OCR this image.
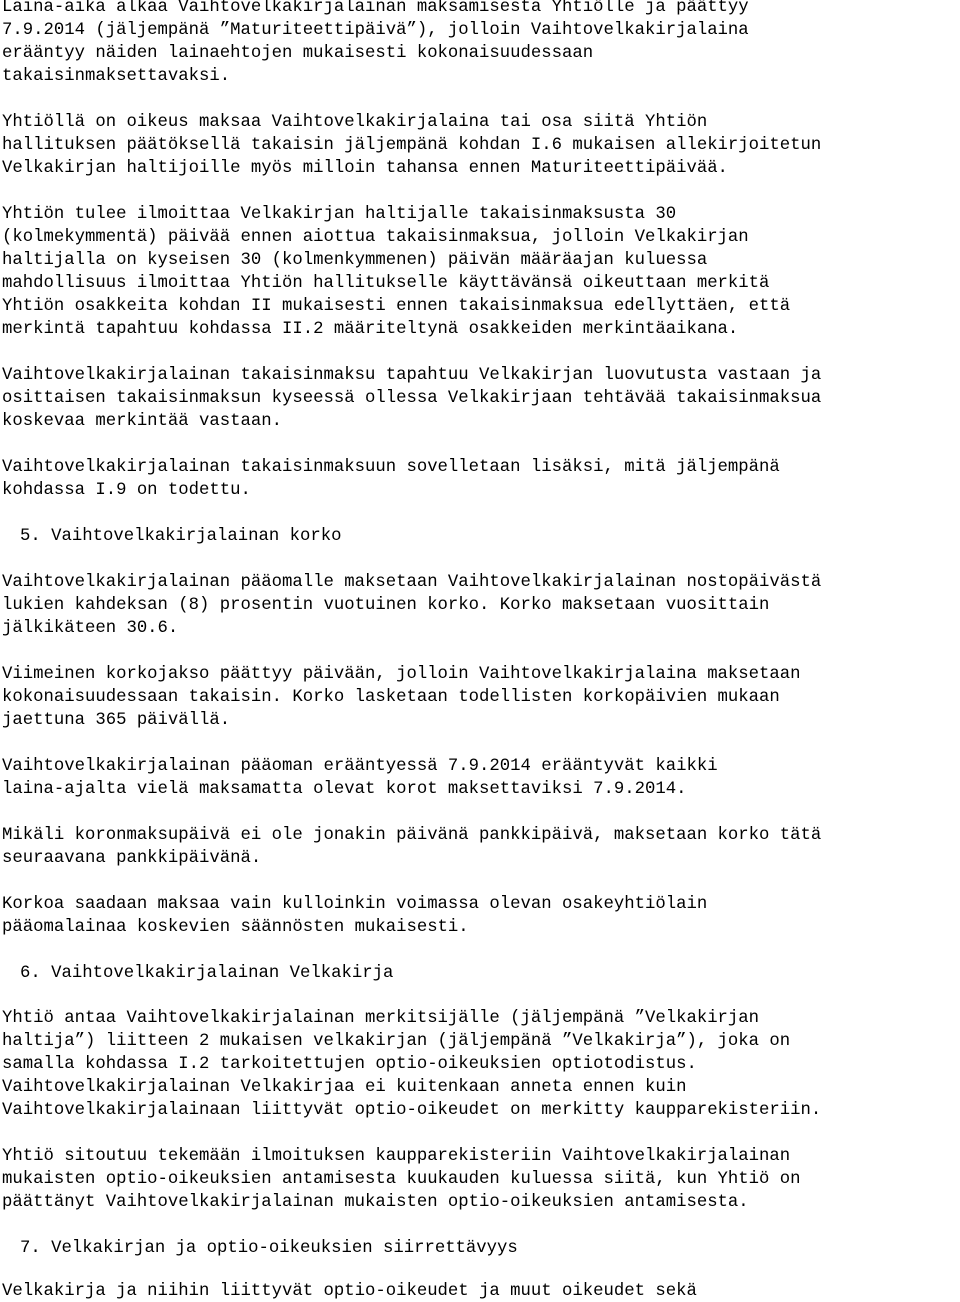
Laina-aika alkaa Vaihtovelkakirjalainan maksamisesta Yhtiölle ja päättyy

7.9.2014 (jäljempänä ”Maturiteettipäivä”), jolloin Vaihtovelkakirjalaina

erääntyy näiden lainaehtojen mukaisesti kokonaisuudessaan

takaisinmaksettavaksi.

Yhtiöllä on oikeus maksaa Vaihtovelkakirjalaina tai osa siitä Yhtiön

hallituksen päätöksellä takaisin jäljempänä kohdan I.6 mukaisen allekirjoitetun

Velkakirjan haltijoille myös milloin tahansa ennen Maturiteettipäivää.

Yhtiön tulee ilmoittaa Velkakirjan haltijalle takaisinmaksusta 30

(kolmekymmentä) päivää ennen aiottua takaisinmaksua, jolloin Velkakirjan

haltijalla on kyseisen 30 (kolmenkymmenen) päivän määräajan kuluessa

mahdollisuus ilmoittaa Yhtiön hallitukselle käyttävänsä oikeuttaan merkitä

Yhtiön osakkeita kohdan II mukaisesti ennen takaisinmaksua edellyttäen, että

merkintä tapahtuu kohdassa II.2 määriteltynä osakkeiden merkintäaikana.

Vaihtovelkakirjalainan takaisinmaksu tapahtuu Velkakirjan luovutusta vastaan ja

osittaisen takaisinmaksun kyseessä ollessa Velkakirjaan tehtävää takaisinmaksua

koskevaa merkintää vastaan.

Vaihtovelkakirjalainan takaisinmaksuun sovelletaan lisäksi, mitä jäljempänä

kohdassa I.9 on todettu.

5. Vaihtovelkakirjalainan korko

Vaihtovelkakirjalainan pääomalle maksetaan Vaihtovelkakirjalainan nostopäivästä

lukien kahdeksan (8) prosentin vuotuinen korko. Korko maksetaan vuosittain

jälkikäteen 30.6.

Viimeinen korkojakso päättyy päivään, jolloin Vaihtovelkakirjalaina maksetaan

kokonaisuudessaan takaisin. Korko lasketaan todellisten korkopäivien mukaan

jaettuna 365 päivällä.

Vaihtovelkakirjalainan pääoman erääntyessä 7.9.2014 erääntyvät kaikki

laina-ajalta vielä maksamatta olevat korot maksettaviksi 7.9.2014.

Mikäli koronmaksupäivä ei ole jonakin päivänä pankkipäivä, maksetaan korko tätä

seuraavana pankkipäivänä.

Korkoa saadaan maksaa vain kulloinkin voimassa olevan osakeyhtiölain

pääomalainaa koskevien säännösten mukaisesti.

6. Vaihtovelkakirjalainan Velkakirja

Yhtiö antaa Vaihtovelkakirjalainan merkitsijälle (jäljempänä ”Velkakirjan

haltija”) liitteen 2 mukaisen velkakirjan (jäljempänä ”Velkakirja”), joka on

samalla kohdassa I.2 tarkoitettujen optio-oikeuksien optiotodistus.

Vaihtovelkakirjalainan Velkakirjaa ei kuitenkaan anneta ennen kuin

Vaihtovelkakirjalainaan liittyvät optio-oikeudet on merkitty kaupparekisteriin.

Yhtiö sitoutuu tekemään ilmoituksen kaupparekisteriin Vaihtovelkakirjalainan

mukaisten optio-oikeuksien antamisesta kuukauden kuluessa siitä, kun Yhtiö on

päättänyt Vaihtovelkakirjalainan mukaisten optio-oikeuksien antamisesta.

7. Velkakirjan ja optio-oikeuksien siirrettävyys

Velkakirja ja niihin liittyvät optio-oikeudet ja muut oikeudet sekä
